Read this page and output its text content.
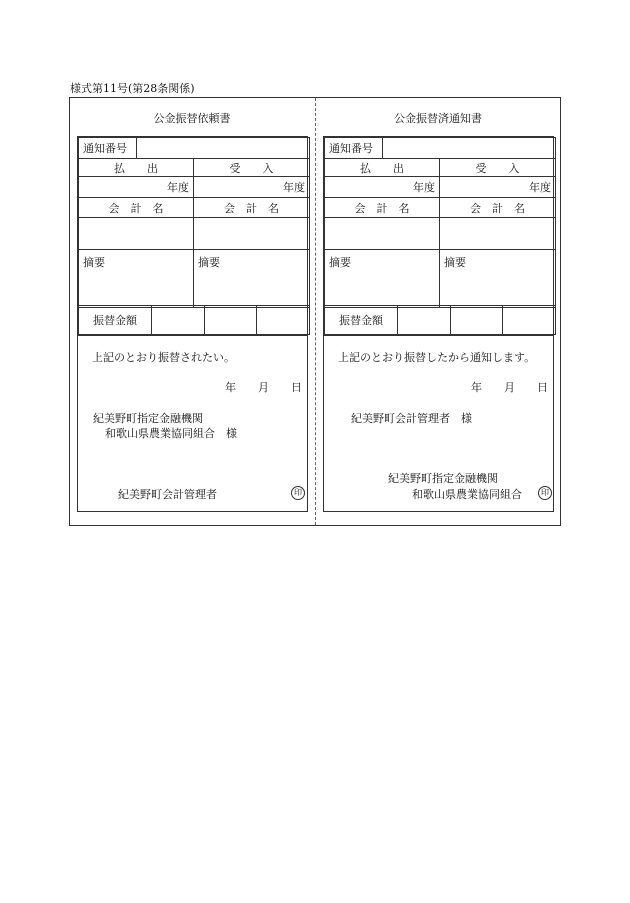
様式第11号(第28条関係)
公金振替依頼書
通知番号		
払　　出		受　　入
年度		年度
会　計　名		会　計　名

摘要		摘要
振替金額			
上記のとおり振替されたい。
年　　月　　日
紀美野町指定金融機関
和歌山県農業協同組合　様
紀美野町会計管理者	印
公金振替済通知書
通知番号		
払　　出		受　　入
年度		年度
会　計　名		会　計　名

摘要		摘要
振替金額			
上記のとおり振替したから通知します。
年　　月　　日
紀美野町会計管理者　様
紀美野町指定金融機関
和歌山県農業協同組合	印
